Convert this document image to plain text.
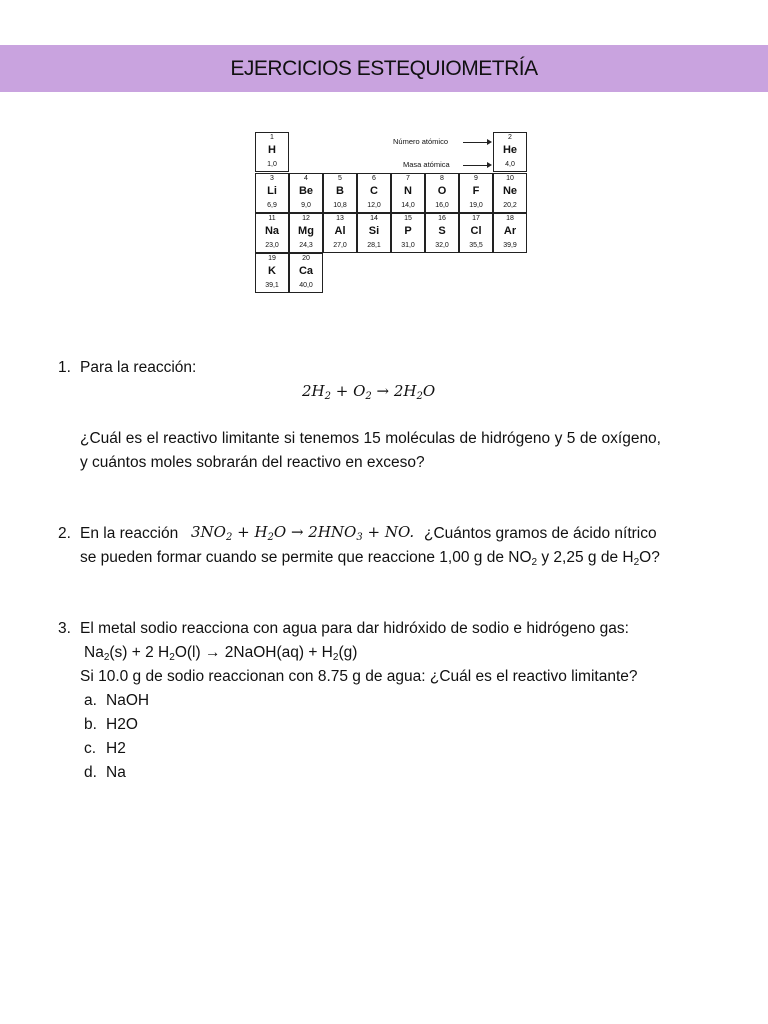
EJERCICIOS ESTEQUIOMETRÍA
1
H
1,0
2
He
4,0
3
Li
6,9
4
Be
9,0
5
B
10,8
6
C
12,0
7
N
14,0
8
O
16,0
9
F
19,0
10
Ne
20,2
11
Na
23,0
12
Mg
24,3
13
Al
27,0
14
Si
28,1
15
P
31,0
16
S
32,0
17
Cl
35,5
18
Ar
39,9
19
K
39,1
20
Ca
40,0
Número atómico
Masa atómica
1. Para la reacción:
$2H_2 + O_2 \to 2H_2O$
¿Cuál es el reactivo limitante si tenemos 15 moléculas de hidrógeno y 5 de oxígeno, y cuántos moles sobrarán del reactivo en exceso?
2. En la reacción $3NO_2 + H_2O \to 2HNO_3$ + NO. ¿Cuántos gramos de ácido nítrico
se pueden formar cuando se permite que reaccione 1,00 g de $NO_2$ y 2,25 g de $H_2O$?
3. El metal sodio reacciona con agua para dar hidróxido de sodio e hidrógeno gas:
$Na_2(s) + 2$ $H_2O(l)$ → 2NaOH(aq) + $H_2(g)$
Si 10.0 g de sodio reaccionan con 8.75 g de agua: ¿Cuál es el reactivo limitante?
a. NaOH
b. H2O
c. H2
d. Na
